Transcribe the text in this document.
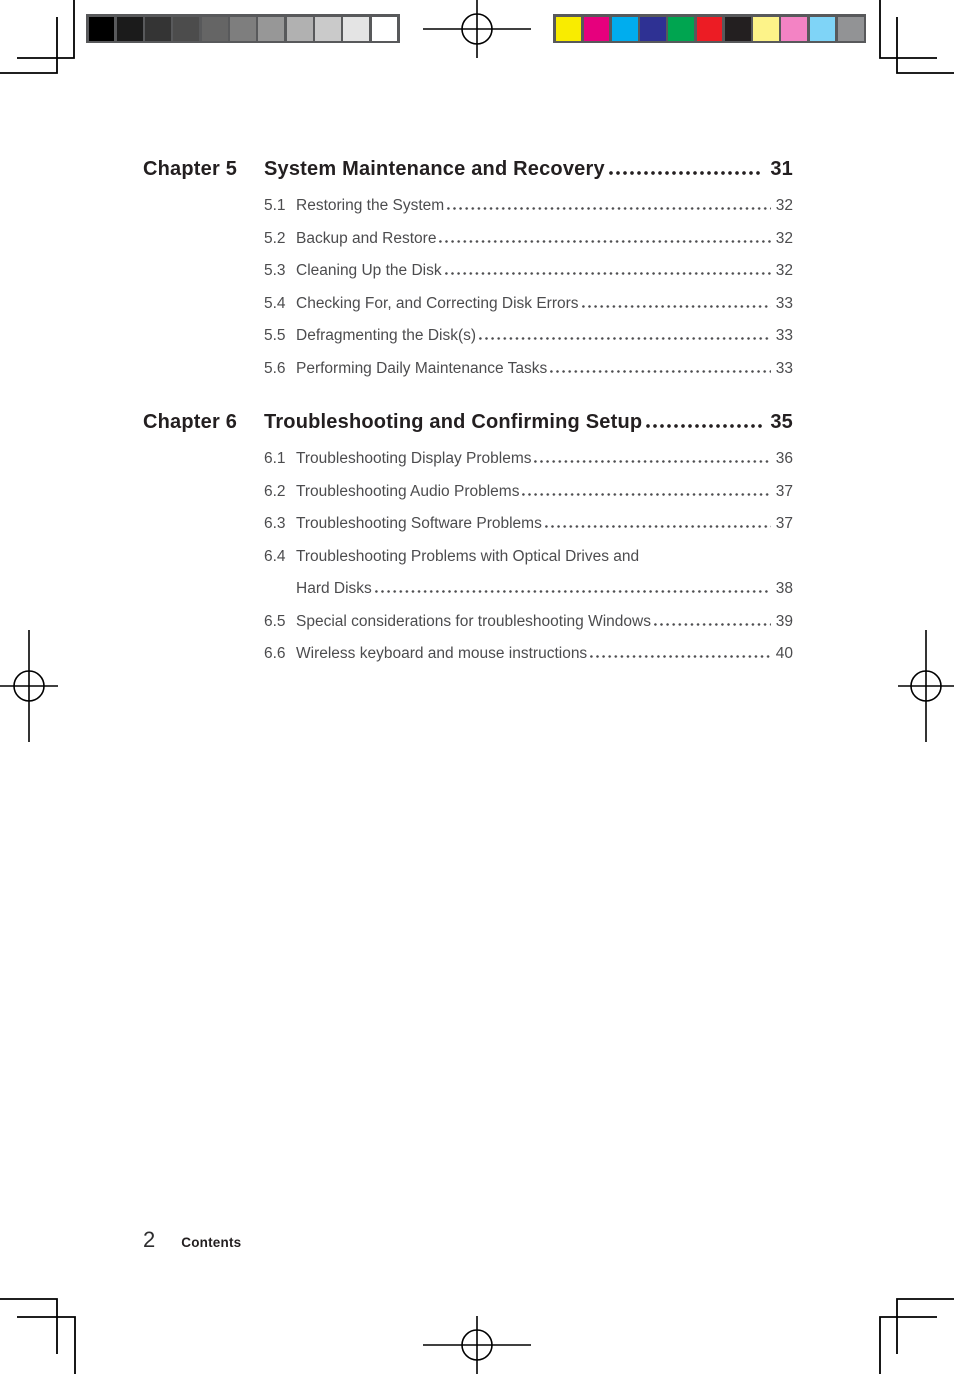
Chapter 5	System Maintenance and Recovery	31
5.1 Restoring the System	32
5.2 Backup and Restore	32
5.3 Cleaning Up the Disk	32
5.4 Checking For, and Correcting Disk Errors	33
5.5 Defragmenting the Disk(s)	33
5.6 Performing Daily Maintenance Tasks	33
Chapter 6	Troubleshooting and Confirming Setup	35
6.1 Troubleshooting Display Problems	36
6.2 Troubleshooting Audio Problems	37
6.3 Troubleshooting Software Problems	37
6.4 Troubleshooting Problems with Optical Drives and
Hard Disks	38
6.5 Special considerations for troubleshooting Windows	39
6.6 Wireless keyboard and mouse instructions	40
2 Contents
